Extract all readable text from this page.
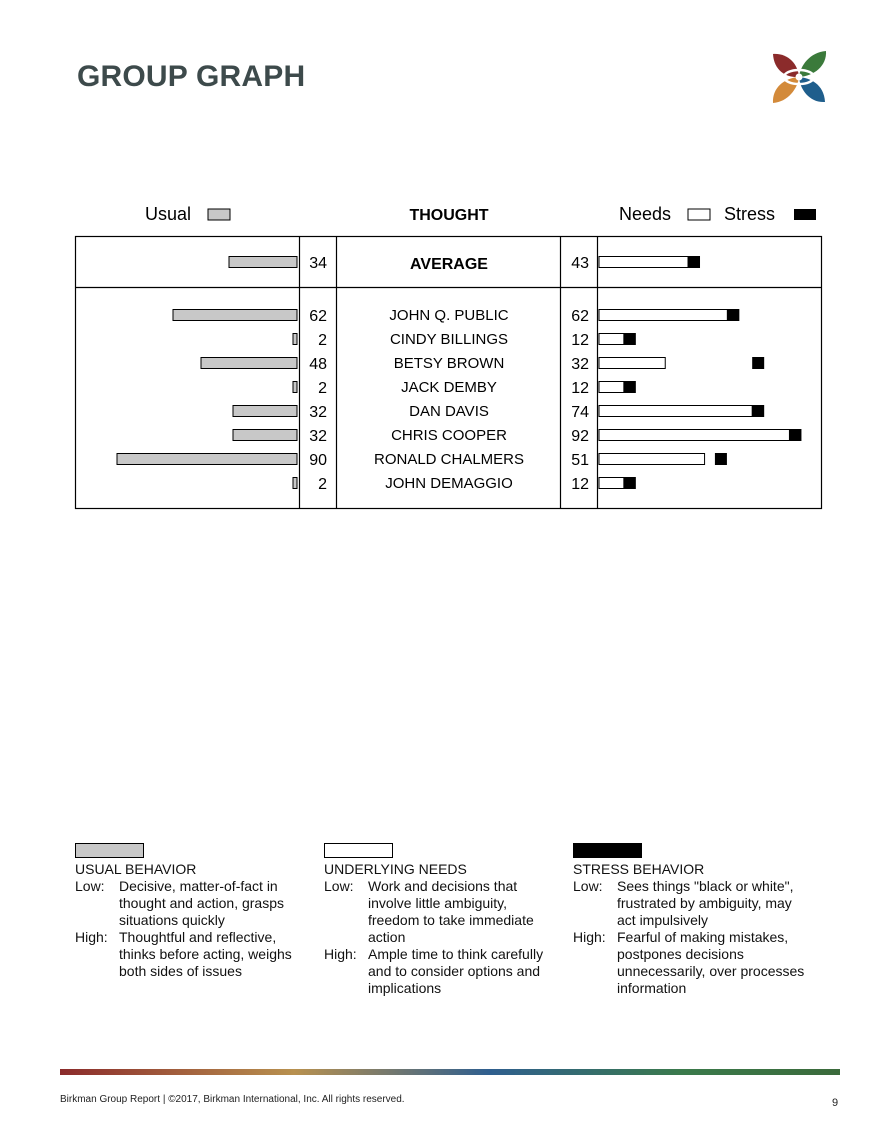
GROUP GRAPH
Usual	THOUGHT	Needs	Stress
34	AVERAGE	43
62	JOHN Q. PUBLIC	62
2	CINDY BILLINGS	12
48	BETSY BROWN	32
2	JACK DEMBY	12
32	DAN DAVIS	74
32	CHRIS COOPER	92
90	RONALD CHALMERS	51
2	JOHN DEMAGGIO	12
USUAL BEHAVIOR
Low:	Decisive, matter-of-fact in thought and action, grasps situations quickly
High: Thoughtful and reflective, thinks before acting, weighs both sides of issues
UNDERLYING NEEDS
Low:	Work and decisions that involve little ambiguity, freedom to take immediate action
High: Ample time to think carefully and to consider options and implications
STRESS BEHAVIOR
Low:	Sees things "black or white", frustrated by ambiguity, may act impulsively
High: Fearful of making mistakes, postpones decisions unnecessarily, over processes information
Birkman Group Report | ©2017, Birkman International, Inc. All rights reserved.	9
